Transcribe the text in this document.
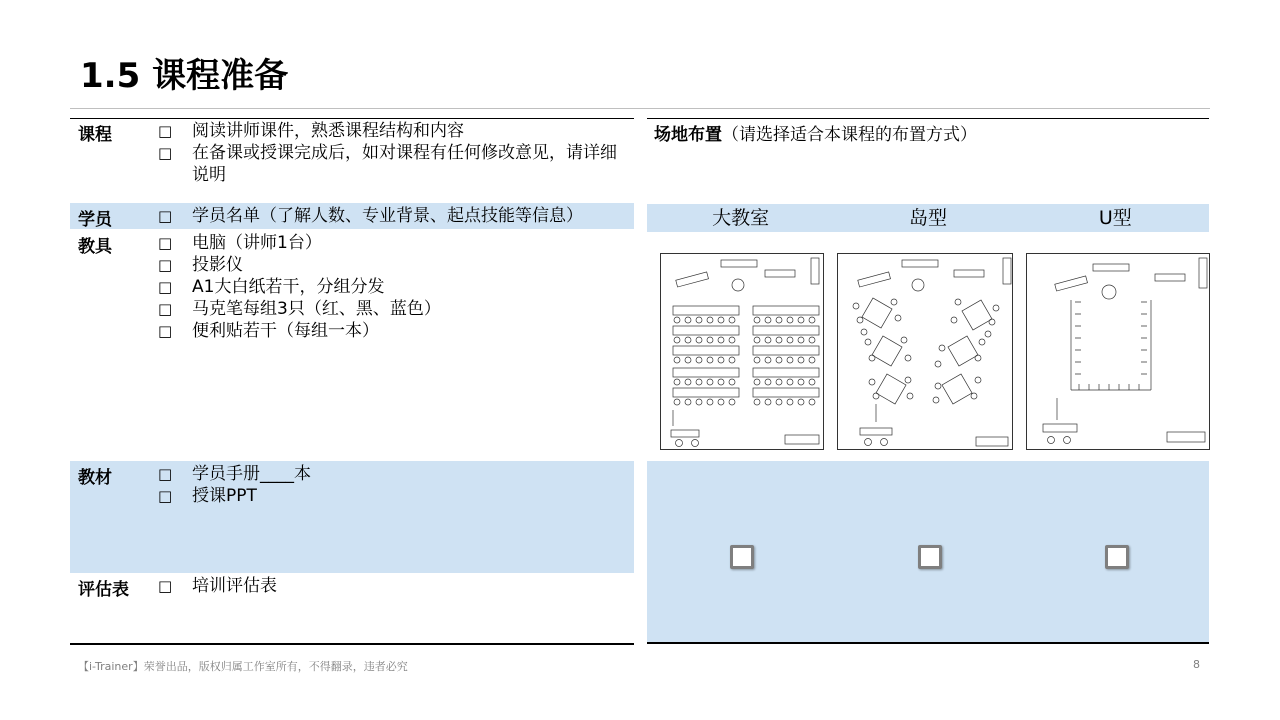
1.5 课程准备
课程	□	阅读讲师课件，熟悉课程结构和内容
□	在备课或授课完成后，如对课程有任何修改意见，请详细说明
学员	□	学员名单（了解人数、专业背景、起点技能等信息）
教具	□	电脑（讲师1台）
□	投影仪
□	A1大白纸若干，分组分发
□	马克笔每组3只（红、黑、蓝色）
□	便利贴若干（每组一本）
教材	□	学员手册____本
□	授课PPT
评估表 □	培训评估表
场地布置（请选择适合本课程的布置方式）
大教室	岛型	U型
【i-Trainer】荣誉出品，版权归属工作室所有，不得翻录，违者必究	8
